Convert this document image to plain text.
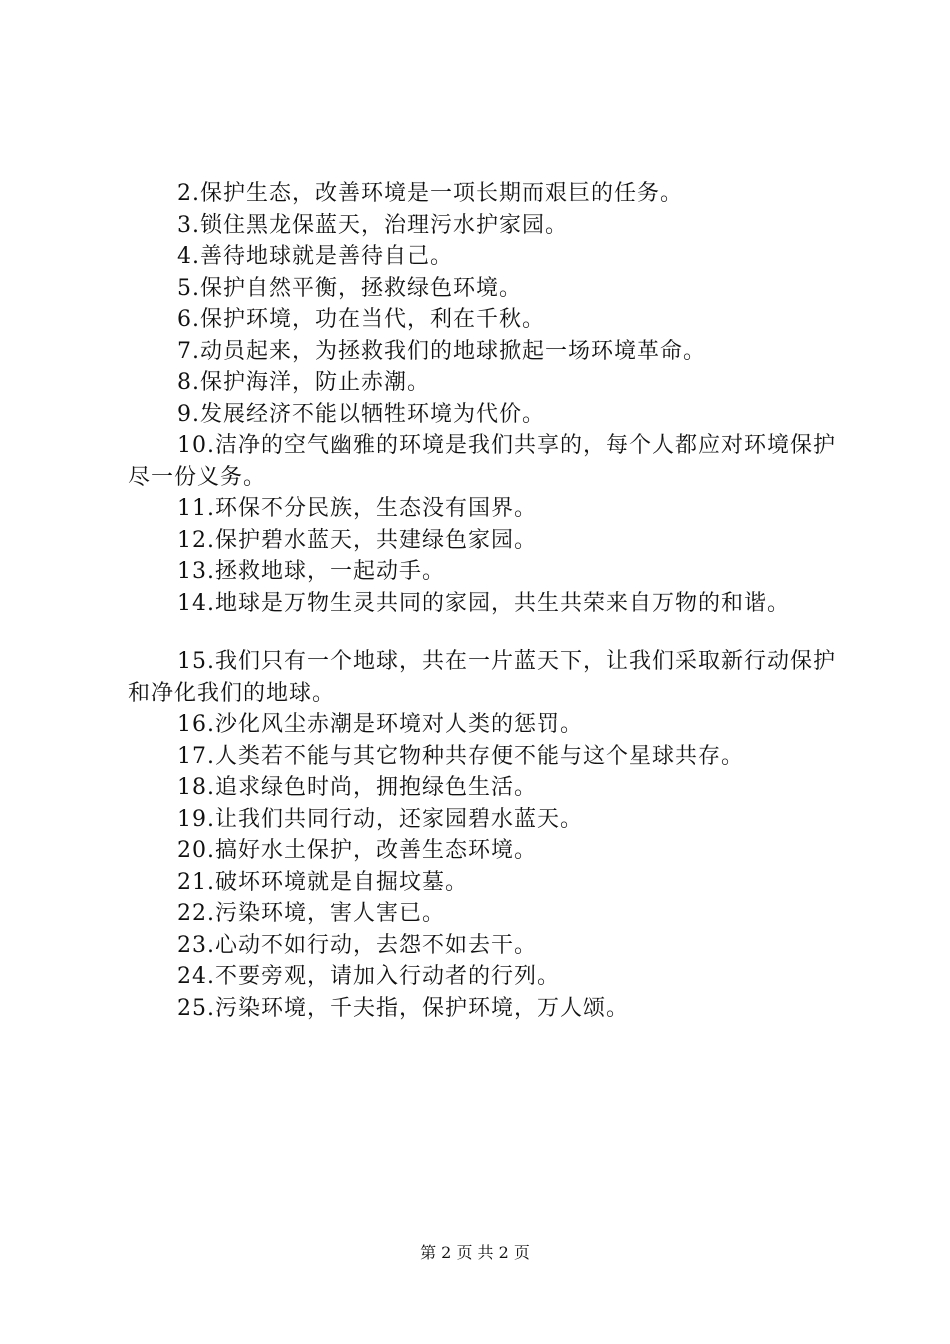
2.保护生态，改善环境是一项长期而艰巨的任务。

3.锁住黑龙保蓝天，治理污水护家园。

4.善待地球就是善待自己。

5.保护自然平衡，拯救绿色环境。

6.保护环境，功在当代，利在千秋。

7.动员起来，为拯救我们的地球掀起一场环境革命。

8.保护海洋，防止赤潮。

9.发展经济不能以牺牲环境为代价。

10.洁净的空气幽雅的环境是我们共享的，每个人都应对环境保护尽一份义务。

11.环保不分民族，生态没有国界。

12.保护碧水蓝天，共建绿色家园。

13.拯救地球，一起动手。

14.地球是万物生灵共同的家园，共生共荣来自万物的和谐。

15.我们只有一个地球，共在一片蓝天下，让我们采取新行动保护和净化我们的地球。

16.沙化风尘赤潮是环境对人类的惩罚。

17.人类若不能与其它物种共存便不能与这个星球共存。

18.追求绿色时尚，拥抱绿色生活。

19.让我们共同行动，还家园碧水蓝天。

20.搞好水土保护，改善生态环境。

21.破坏环境就是自掘坟墓。

22.污染环境，害人害已。

23.心动不如行动，去怨不如去干。

24.不要旁观，请加入行动者的行列。

25.污染环境，千夫指，保护环境，万人颂。

第 2 页 共 2 页
